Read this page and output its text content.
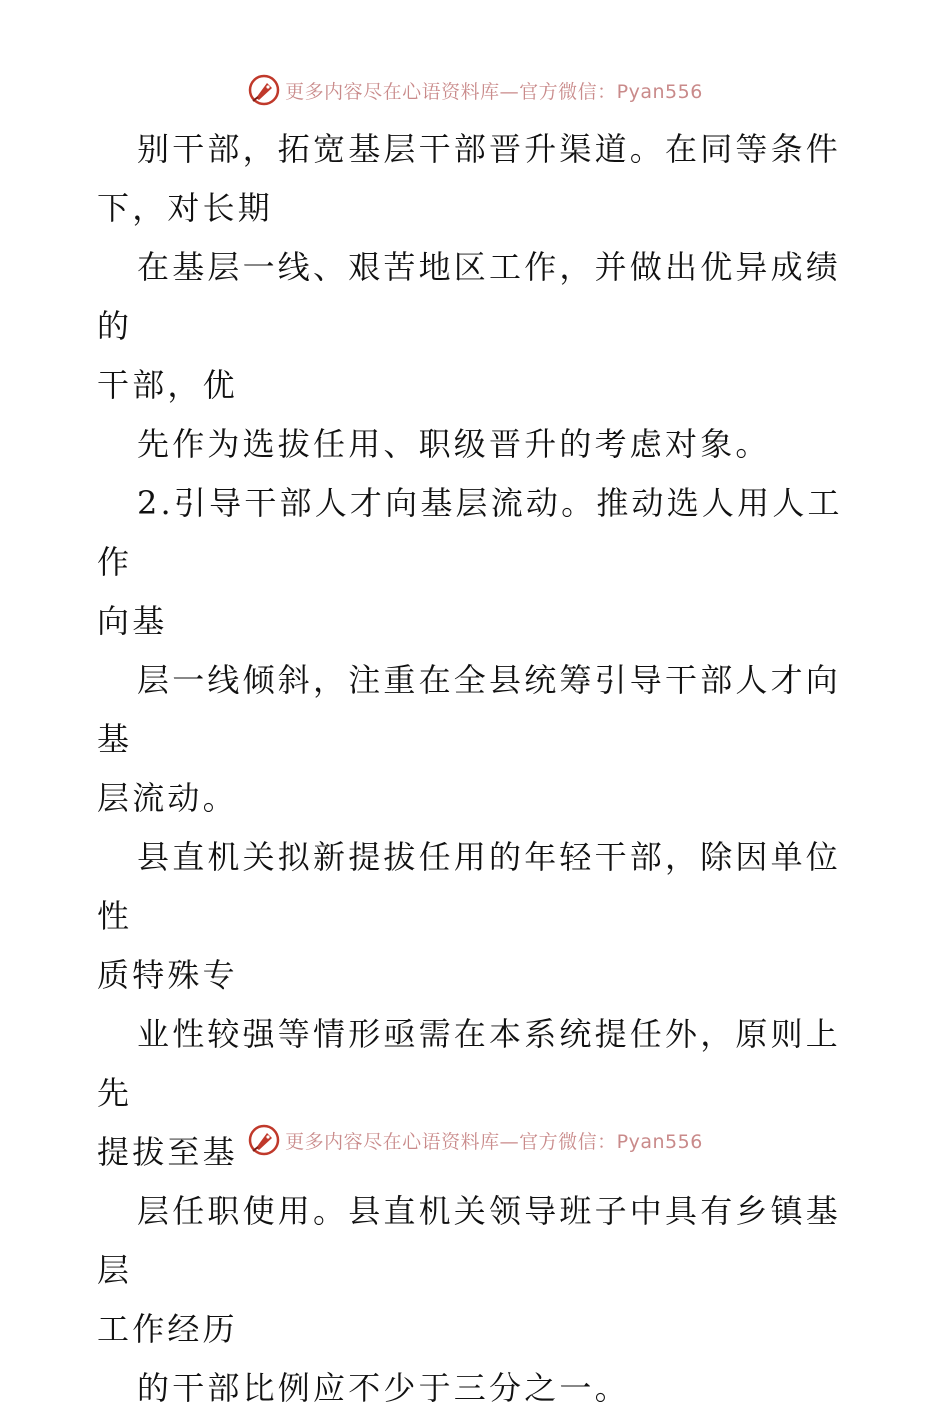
更多内容尽在心语资料库—官方微信：Pyan556

别干部，拓宽基层干部晋升渠道。在同等条件
下，对长期

在基层一线、艰苦地区工作，并做出优异成绩的
干部，优

先作为选拔任用、职级晋升的考虑对象。

2.引导干部人才向基层流动。推动选人用人工作
向基

层一线倾斜，注重在全县统筹引导干部人才向基
层流动。

县直机关拟新提拔任用的年轻干部，除因单位性
质特殊专

业性较强等情形亟需在本系统提任外，原则上先
提拔至基

层任职使用。县直机关领导班子中具有乡镇基层
工作经历

的干部比例应不少于三分之一。

更多内容尽在心语资料库—官方微信：Pyan556
